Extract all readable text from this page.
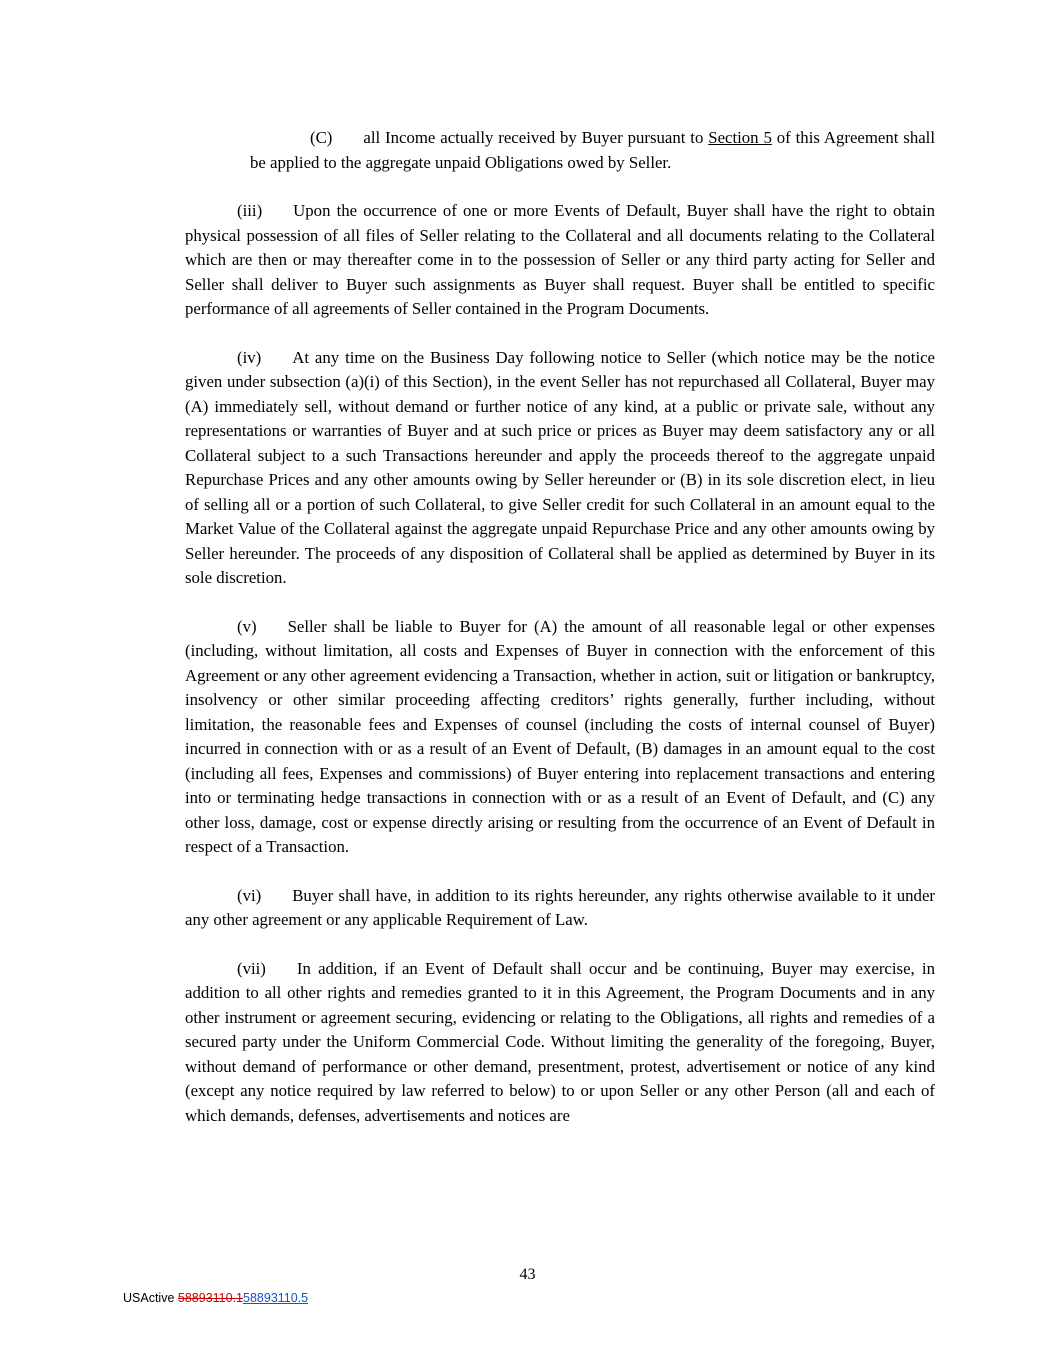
(C) all Income actually received by Buyer pursuant to Section 5 of this Agreement shall be applied to the aggregate unpaid Obligations owed by Seller.

(iii) Upon the occurrence of one or more Events of Default, Buyer shall have the right to obtain physical possession of all files of Seller relating to the Collateral and all documents relating to the Collateral which are then or may thereafter come in to the possession of Seller or any third party acting for Seller and Seller shall deliver to Buyer such assignments as Buyer shall request. Buyer shall be entitled to specific performance of all agreements of Seller contained in the Program Documents.

(iv) At any time on the Business Day following notice to Seller (which notice may be the notice given under subsection (a)(i) of this Section), in the event Seller has not repurchased all Collateral, Buyer may (A) immediately sell, without demand or further notice of any kind, at a public or private sale, without any representations or warranties of Buyer and at such price or prices as Buyer may deem satisfactory any or all Collateral subject to a such Transactions hereunder and apply the proceeds thereof to the aggregate unpaid Repurchase Prices and any other amounts owing by Seller hereunder or (B) in its sole discretion elect, in lieu of selling all or a portion of such Collateral, to give Seller credit for such Collateral in an amount equal to the Market Value of the Collateral against the aggregate unpaid Repurchase Price and any other amounts owing by Seller hereunder. The proceeds of any disposition of Collateral shall be applied as determined by Buyer in its sole discretion.

(v) Seller shall be liable to Buyer for (A) the amount of all reasonable legal or other expenses (including, without limitation, all costs and Expenses of Buyer in connection with the enforcement of this Agreement or any other agreement evidencing a Transaction, whether in action, suit or litigation or bankruptcy, insolvency or other similar proceeding affecting creditors’ rights generally, further including, without limitation, the reasonable fees and Expenses of counsel (including the costs of internal counsel of Buyer) incurred in connection with or as a result of an Event of Default, (B) damages in an amount equal to the cost (including all fees, Expenses and commissions) of Buyer entering into replacement transactions and entering into or terminating hedge transactions in connection with or as a result of an Event of Default, and (C) any other loss, damage, cost or expense directly arising or resulting from the occurrence of an Event of Default in respect of a Transaction.

(vi) Buyer shall have, in addition to its rights hereunder, any rights otherwise available to it under any other agreement or any applicable Requirement of Law.

(vii) In addition, if an Event of Default shall occur and be continuing, Buyer may exercise, in addition to all other rights and remedies granted to it in this Agreement, the Program Documents and in any other instrument or agreement securing, evidencing or relating to the Obligations, all rights and remedies of a secured party under the Uniform Commercial Code. Without limiting the generality of the foregoing, Buyer, without demand of performance or other demand, presentment, protest, advertisement or notice of any kind (except any notice required by law referred to below) to or upon Seller or any other Person (all and each of which demands, defenses, advertisements and notices are

43
USActive 58893110.158893110.5
